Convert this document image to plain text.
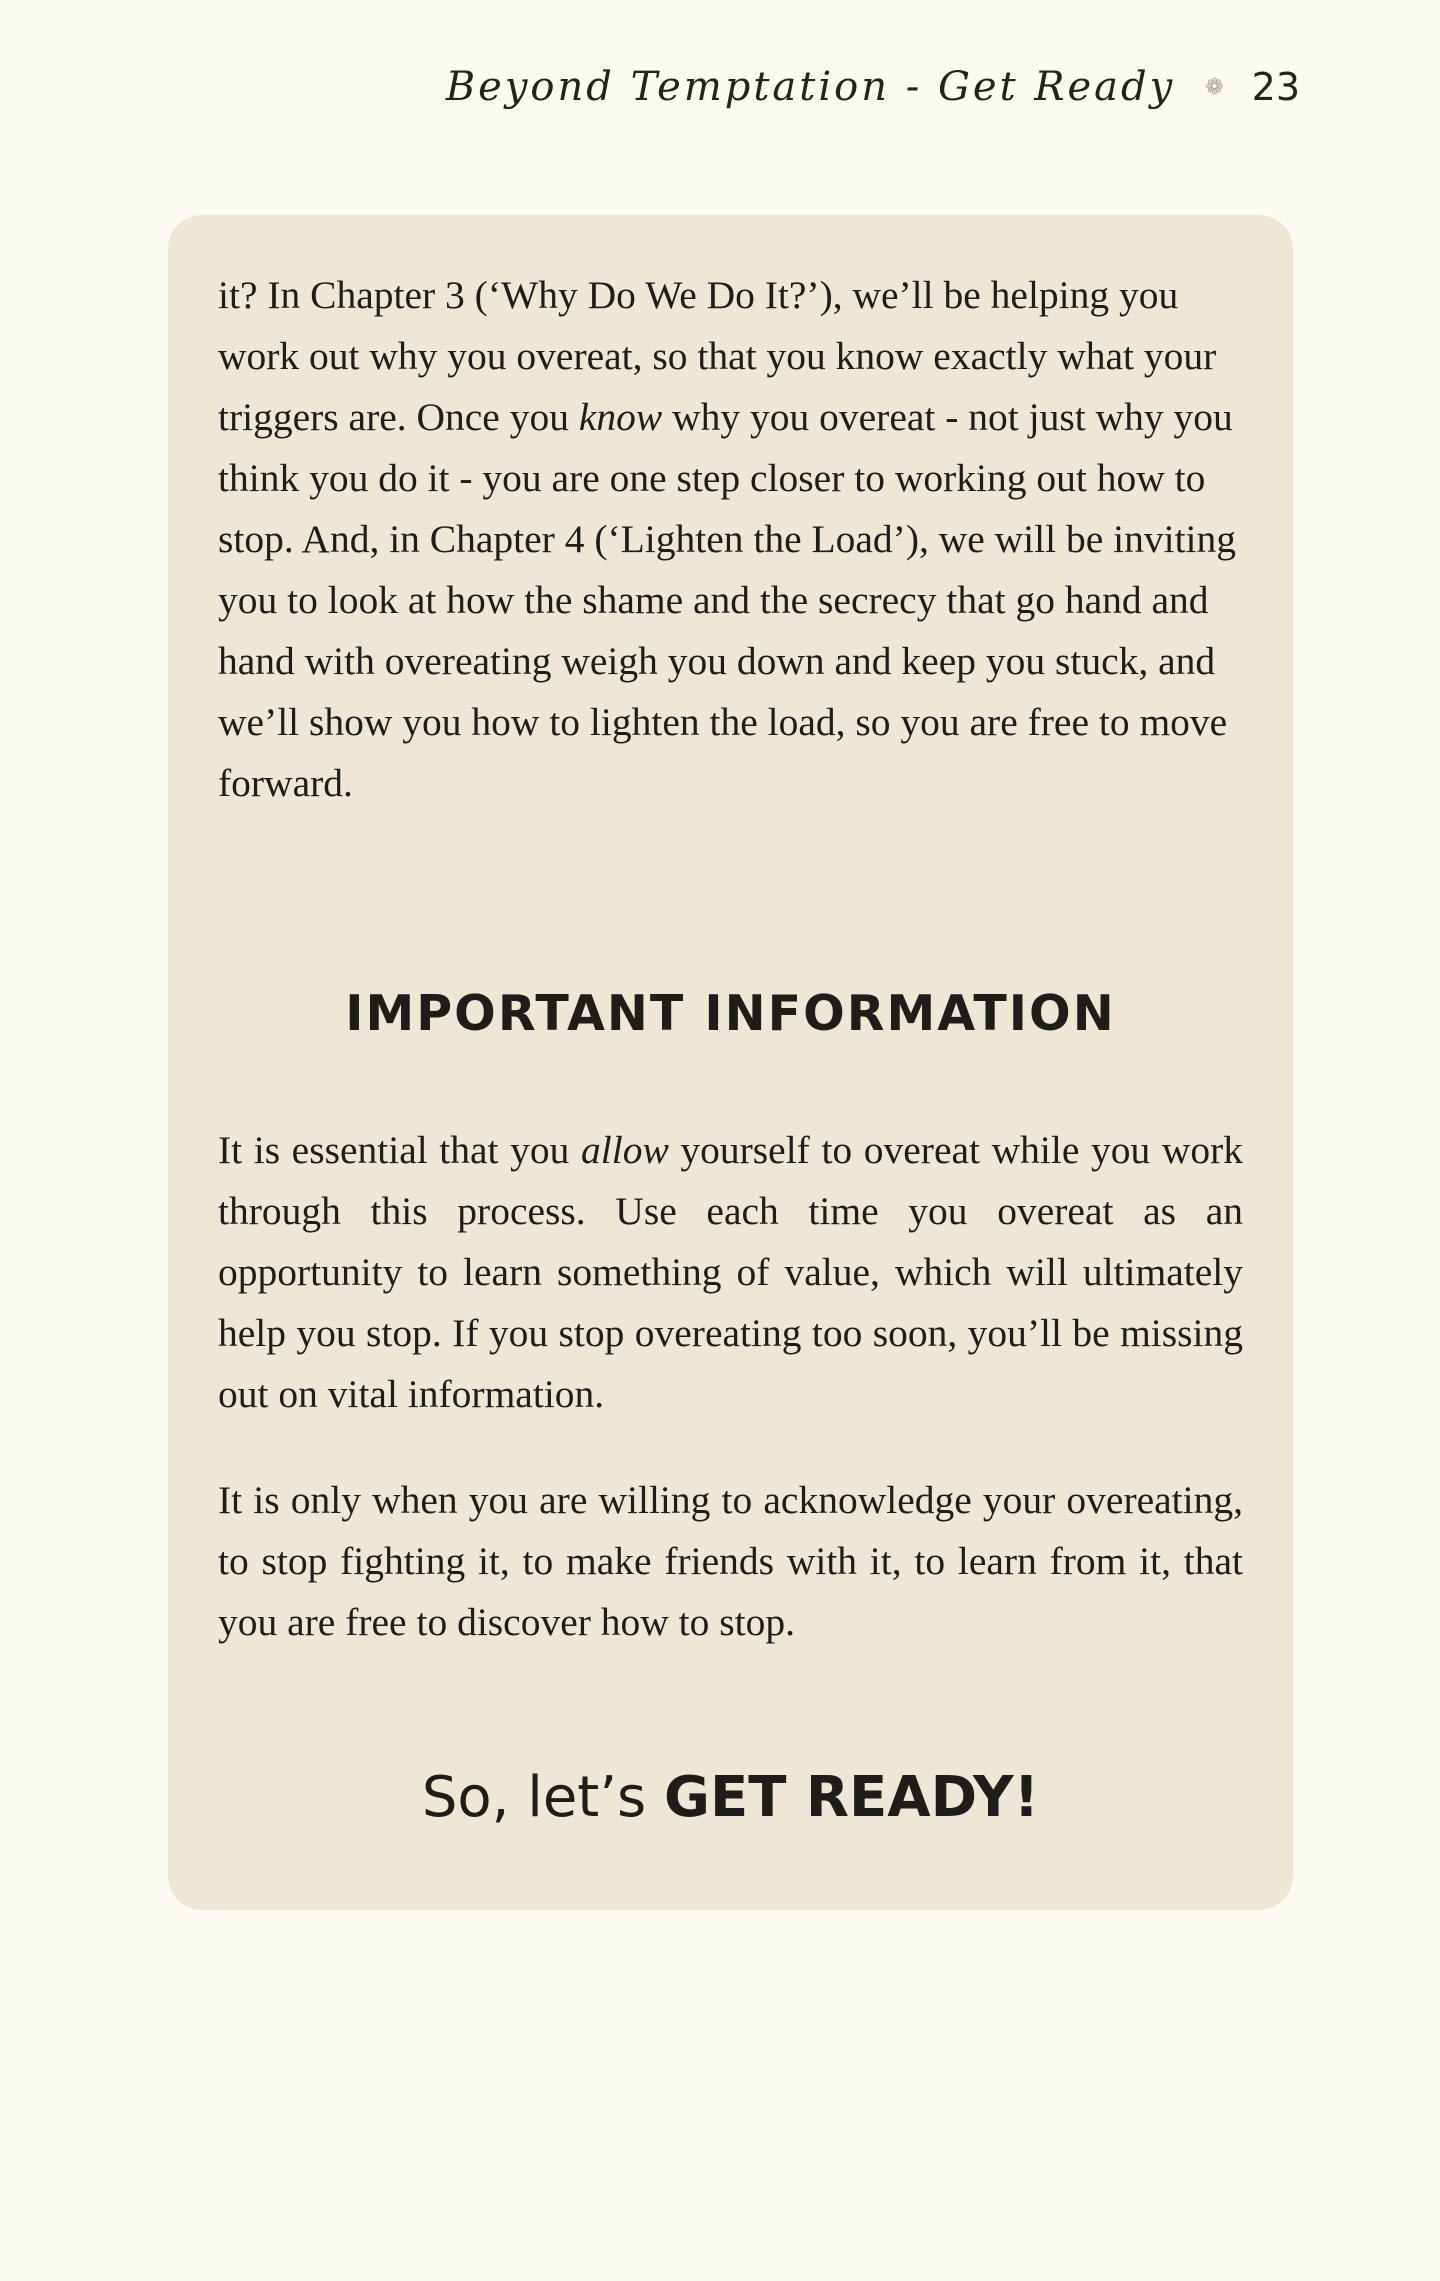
Beyond Temptation - Get Ready ❁ 23

it? In Chapter 3 (‘Why Do We Do It?’), we’ll be helping you work out why you overeat, so that you know exactly what your triggers are. Once you know why you overeat - not just why you think you do it - you are one step closer to working out how to stop. And, in Chapter 4 (‘Lighten the Load’), we will be inviting you to look at how the shame and the secrecy that go hand and hand with overeating weigh you down and keep you stuck, and we’ll show you how to lighten the load, so you are free to move forward.

IMPORTANT INFORMATION

It is essential that you allow yourself to overeat while you work through this process. Use each time you overeat as an opportunity to learn something of value, which will ultimately help you stop. If you stop overeating too soon, you’ll be missing out on vital information.

It is only when you are willing to acknowledge your overeating, to stop fighting it, to make friends with it, to learn from it, that you are free to discover how to stop.

So, let’s GET READY!
